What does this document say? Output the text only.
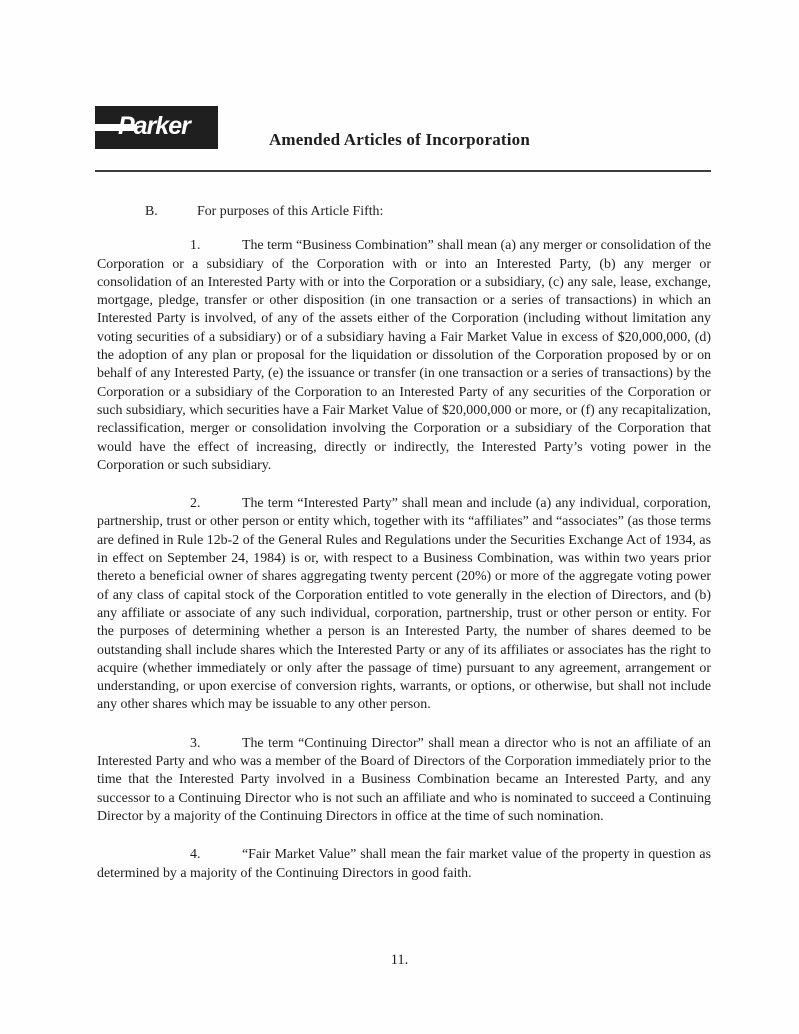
Parker	Amended Articles of Incorporation

B.	For purposes of this Article Fifth:

1.	The term “Business Combination” shall mean (a) any merger or consolidation of the Corporation or a subsidiary of the Corporation with or into an Interested Party, (b) any merger or consolidation of an Interested Party with or into the Corporation or a subsidiary, (c) any sale, lease, exchange, mortgage, pledge, transfer or other disposition (in one transaction or a series of transactions) in which an Interested Party is involved, of any of the assets either of the Corporation (including without limitation any voting securities of a subsidiary) or of a subsidiary having a Fair Market Value in excess of $20,000,000, (d) the adoption of any plan or proposal for the liquidation or dissolution of the Corporation proposed by or on behalf of any Interested Party, (e) the issuance or transfer (in one transaction or a series of transactions) by the Corporation or a subsidiary of the Corporation to an Interested Party of any securities of the Corporation or such subsidiary, which securities have a Fair Market Value of $20,000,000 or more, or (f) any recapitalization, reclassification, merger or consolidation involving the Corporation or a subsidiary of the Corporation that would have the effect of increasing, directly or indirectly, the Interested Party’s voting power in the Corporation or such subsidiary.

2.	The term “Interested Party” shall mean and include (a) any individual, corporation, partnership, trust or other person or entity which, together with its “affiliates” and “associates” (as those terms are defined in Rule 12b-2 of the General Rules and Regulations under the Securities Exchange Act of 1934, as in effect on September 24, 1984) is or, with respect to a Business Combination, was within two years prior thereto a beneficial owner of shares aggregating twenty percent (20%) or more of the aggregate voting power of any class of capital stock of the Corporation entitled to vote generally in the election of Directors, and (b) any affiliate or associate of any such individual, corporation, partnership, trust or other person or entity. For the purposes of determining whether a person is an Interested Party, the number of shares deemed to be outstanding shall include shares which the Interested Party or any of its affiliates or associates has the right to acquire (whether immediately or only after the passage of time) pursuant to any agreement, arrangement or understanding, or upon exercise of conversion rights, warrants, or options, or otherwise, but shall not include any other shares which may be issuable to any other person.

3.	The term “Continuing Director” shall mean a director who is not an affiliate of an Interested Party and who was a member of the Board of Directors of the Corporation immediately prior to the time that the Interested Party involved in a Business Combination became an Interested Party, and any successor to a Continuing Director who is not such an affiliate and who is nominated to succeed a Continuing Director by a majority of the Continuing Directors in office at the time of such nomination.

4.	“Fair Market Value” shall mean the fair market value of the property in question as determined by a majority of the Continuing Directors in good faith.

11.
